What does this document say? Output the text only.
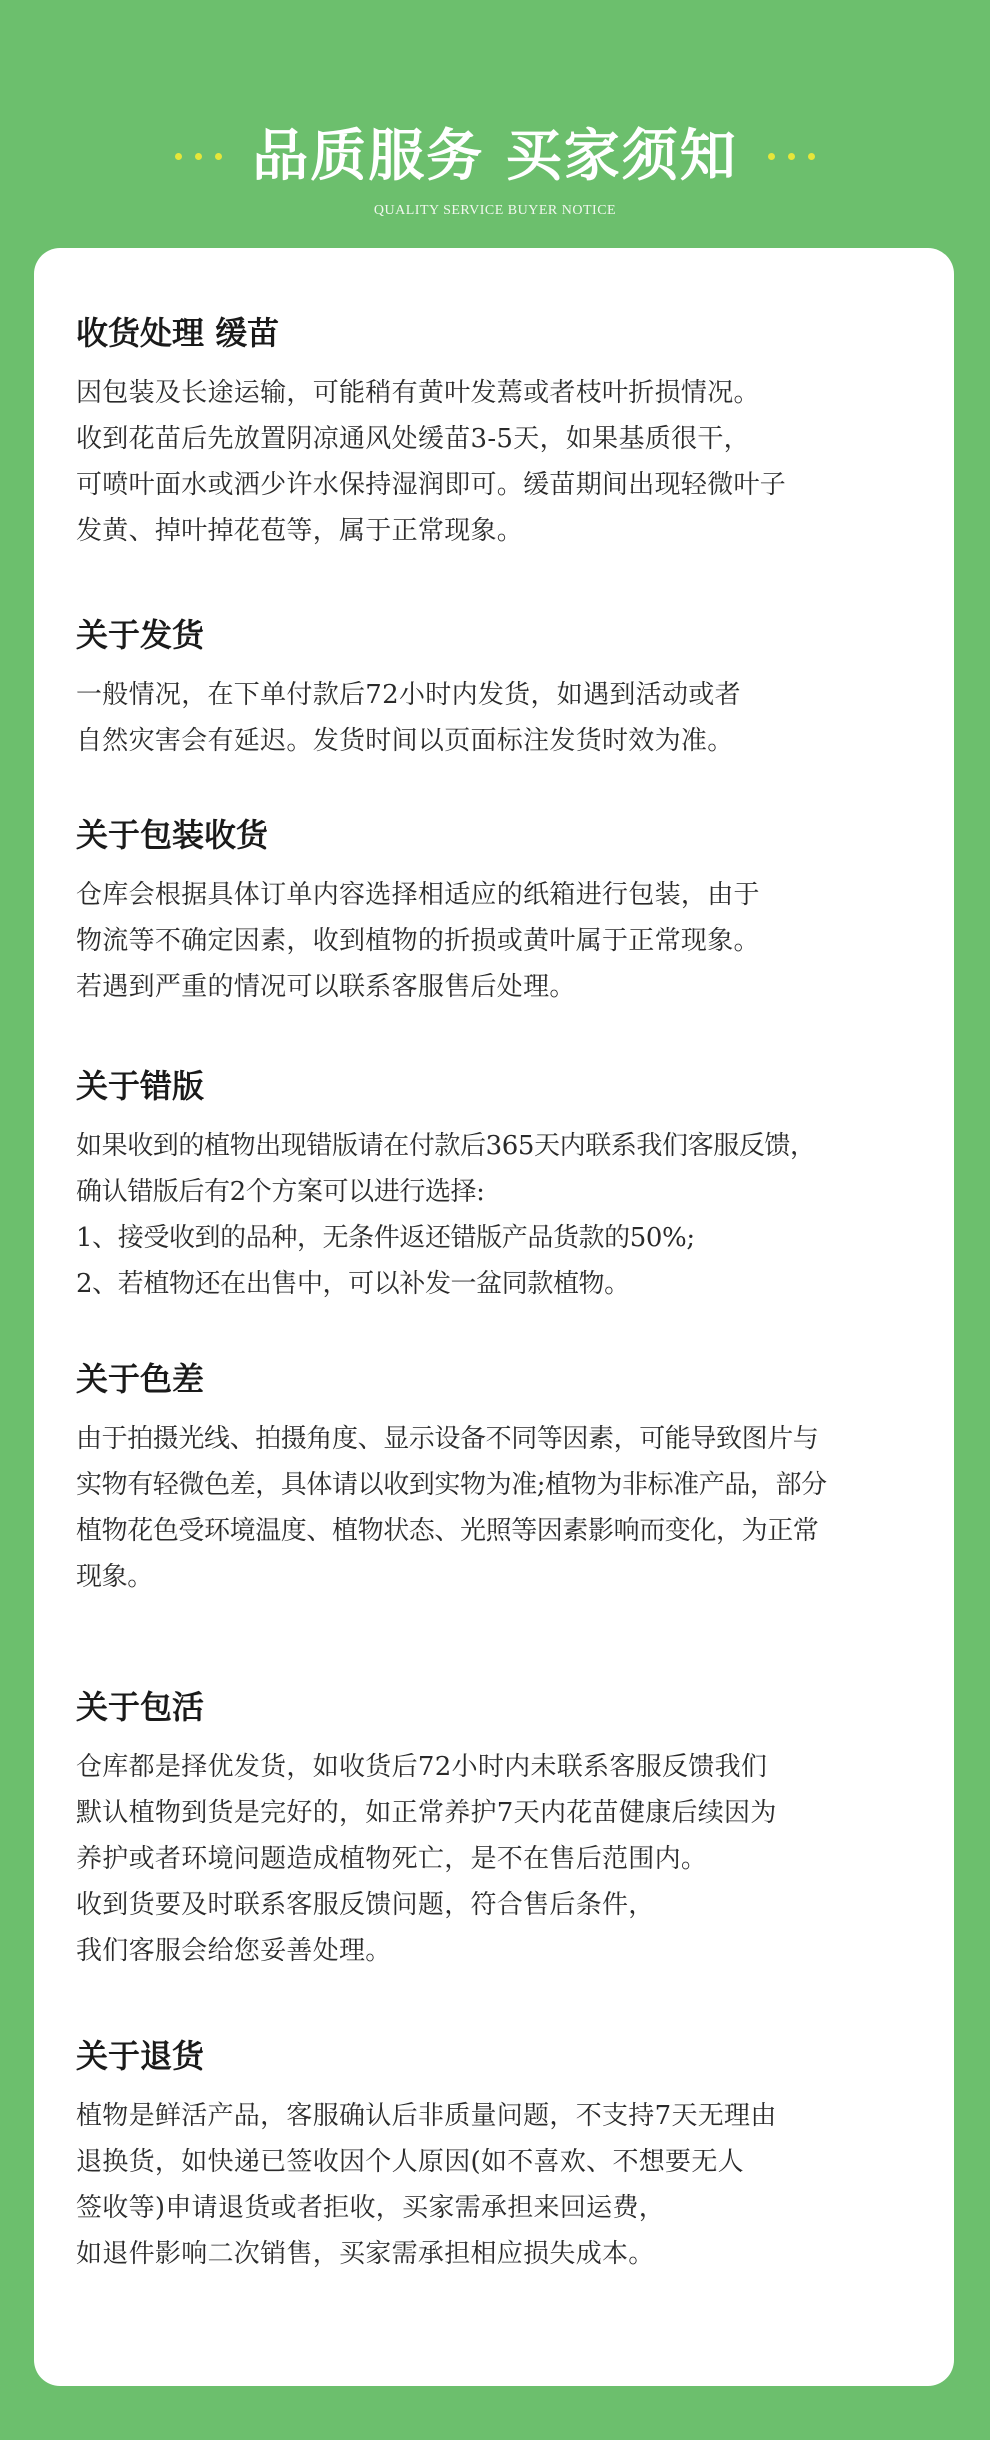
品质服务 买家须知
QUALITY SERVICE BUYER NOTICE
收货处理 缓苗
因包装及长途运输，可能稍有黄叶发蔫或者枝叶折损情况。
收到花苗后先放置阴凉通风处缓苗3-5天，如果基质很干，
可喷叶面水或洒少许水保持湿润即可。缓苗期间出现轻微叶子
发黄、掉叶掉花苞等，属于正常现象。
关于发货
一般情况，在下单付款后72小时内发货，如遇到活动或者
自然灾害会有延迟。发货时间以页面标注发货时效为准。
关于包装收货
仓库会根据具体订单内容选择相适应的纸箱进行包装，由于
物流等不确定因素，收到植物的折损或黄叶属于正常现象。
若遇到严重的情况可以联系客服售后处理。
关于错版
如果收到的植物出现错版请在付款后365天内联系我们客服反馈，
确认错版后有2个方案可以进行选择:
1、接受收到的品种，无条件返还错版产品货款的50%;
2、若植物还在出售中，可以补发一盆同款植物。
关于色差
由于拍摄光线、拍摄角度、显示设备不同等因素，可能导致图片与
实物有轻微色差，具体请以收到实物为准;植物为非标准产品，部分
植物花色受环境温度、植物状态、光照等因素影响而变化，为正常
现象。
关于包活
仓库都是择优发货，如收货后72小时内未联系客服反馈我们
默认植物到货是完好的，如正常养护7天内花苗健康后续因为
养护或者环境问题造成植物死亡，是不在售后范围内。
收到货要及时联系客服反馈问题，符合售后条件，
我们客服会给您妥善处理。
关于退货
植物是鲜活产品，客服确认后非质量问题，不支持7天无理由
退换货，如快递已签收因个人原因(如不喜欢、不想要无人
签收等)申请退货或者拒收，买家需承担来回运费，
如退件影响二次销售，买家需承担相应损失成本。
